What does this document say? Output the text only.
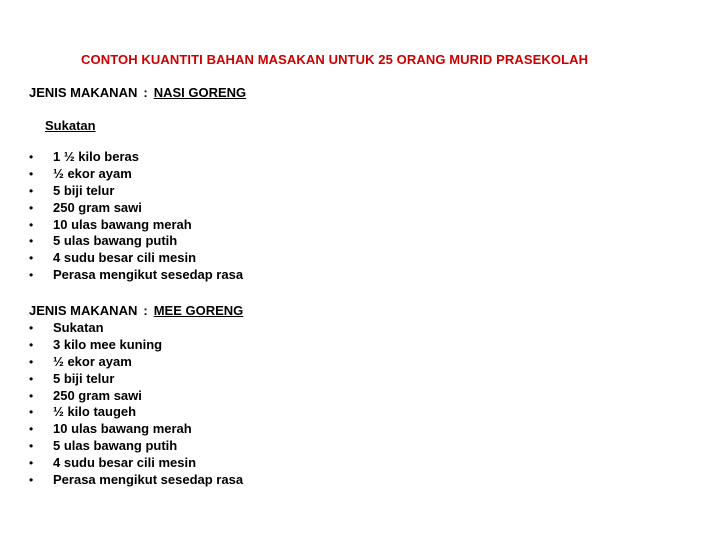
CONTOH KUANTITI BAHAN MASAKAN UNTUK 25 ORANG MURID PRASEKOLAH
JENIS MAKANAN : NASI GORENG
Sukatan
• 1 ½ kilo beras
• ½ ekor ayam
• 5 biji telur
• 250 gram sawi
• 10 ulas bawang merah
• 5 ulas bawang putih
• 4 sudu besar cili mesin
• Perasa mengikut sesedap rasa
JENIS MAKANAN : MEE GORENG
• Sukatan
• 3 kilo mee kuning
• ½ ekor ayam
• 5 biji telur
• 250 gram sawi
• ½ kilo taugeh
• 10 ulas bawang merah
• 5 ulas bawang putih
• 4 sudu besar cili mesin
• Perasa mengikut sesedap rasa
